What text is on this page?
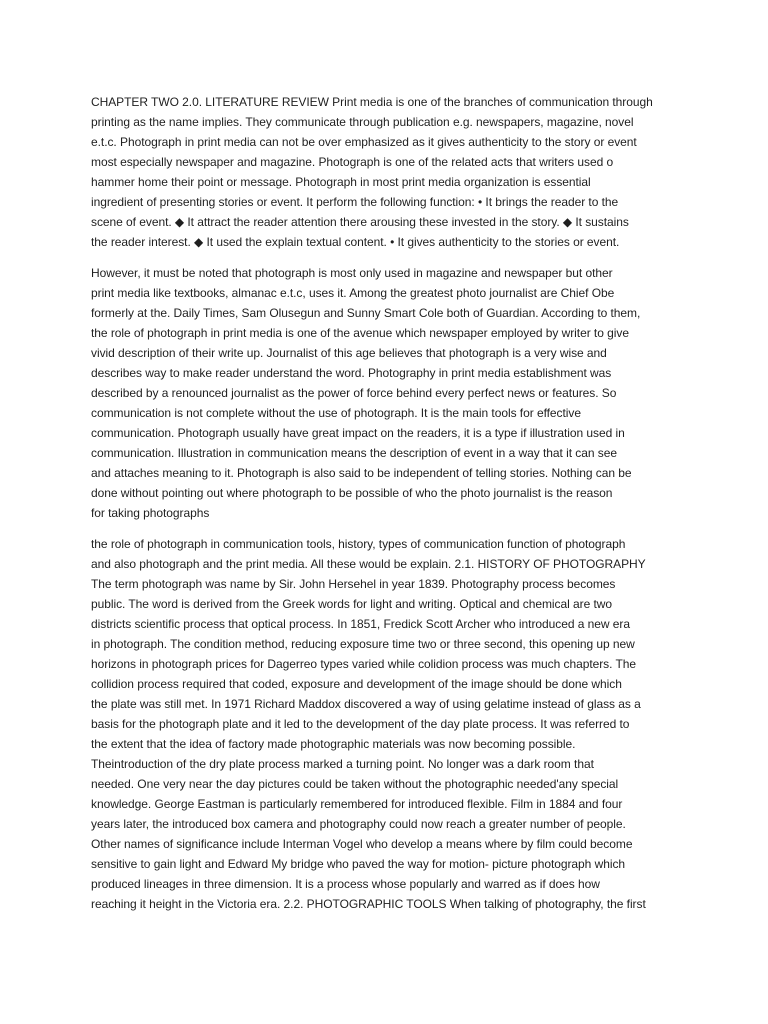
CHAPTER TWO 2.0. LITERATURE REVIEW Print media is one of the branches of communication through
printing as the name implies. They communicate through publication e.g. newspapers, magazine, novel
e.t.c. Photograph in print media can not be over emphasized as it gives authenticity to the story or event
most especially newspaper and magazine. Photograph is one of the related acts that writers used o
hammer home their point or message. Photograph in most print media organization is essential
ingredient of presenting stories or event. It perform the following function: • It brings the reader to the
scene of event. ◆ It attract the reader attention there arousing these invested in the story. ◆ It sustains
the reader interest. ◆ It used the explain textual content. • It gives authenticity to the stories or event.
However, it must be noted that photograph is most only used in magazine and newspaper but other
print media like textbooks, almanac e.t.c, uses it. Among the greatest photo journalist are Chief Obe
formerly at the. Daily Times, Sam Olusegun and Sunny Smart Cole both of Guardian. According to them,
the role of photograph in print media is one of the avenue which newspaper employed by writer to give
vivid description of their write up. Journalist of this age believes that photograph is a very wise and
describes way to make reader understand the word. Photography in print media establishment was
described by a renounced journalist as the power of force behind every perfect news or features. So
communication is not complete without the use of photograph. It is the main tools for effective
communication. Photograph usually have great impact on the readers, it is a type if illustration used in
communication. Illustration in communication means the description of event in a way that it can see
and attaches meaning to it. Photograph is also said to be independent of telling stories. Nothing can be
done without pointing out where photograph to be possible of who the photo journalist is the reason
for taking photographs
the role of photograph in communication tools, history, types of communication function of photograph
and also photograph and the print media. All these would be explain. 2.1. HISTORY OF PHOTOGRAPHY
The term photograph was name by Sir. John Hersehel in year 1839. Photography process becomes
public. The word is derived from the Greek words for light and writing. Optical and chemical are two
districts scientific process that optical process. In 1851, Fredick Scott Archer who introduced a new era
in photograph. The condition method, reducing exposure time two or three second, this opening up new
horizons in photograph prices for Dagerreo types varied while colidion process was much chapters. The
collidion process required that coded, exposure and development of the image should be done which
the plate was still met. In 1971 Richard Maddox discovered a way of using gelatime instead of glass as a
basis for the photograph plate and it led to the development of the day plate process. It was referred to
the extent that the idea of factory made photographic materials was now becoming possible.
Theintroduction of the dry plate process marked a turning point. No longer was a dark room that
needed. One very near the day pictures could be taken without the photographic needed'any special
knowledge. George Eastman is particularly remembered for introduced flexible. Film in 1884 and four
years later, the introduced box camera and photography could now reach a greater number of people.
Other names of significance include Interman Vogel who develop a means where by film could become
sensitive to gain light and Edward My bridge who paved the way for motion- picture photograph which
produced lineages in three dimension. It is a process whose popularly and warred as if does how
reaching it height in the Victoria era. 2.2. PHOTOGRAPHIC TOOLS When talking of photography, the first
